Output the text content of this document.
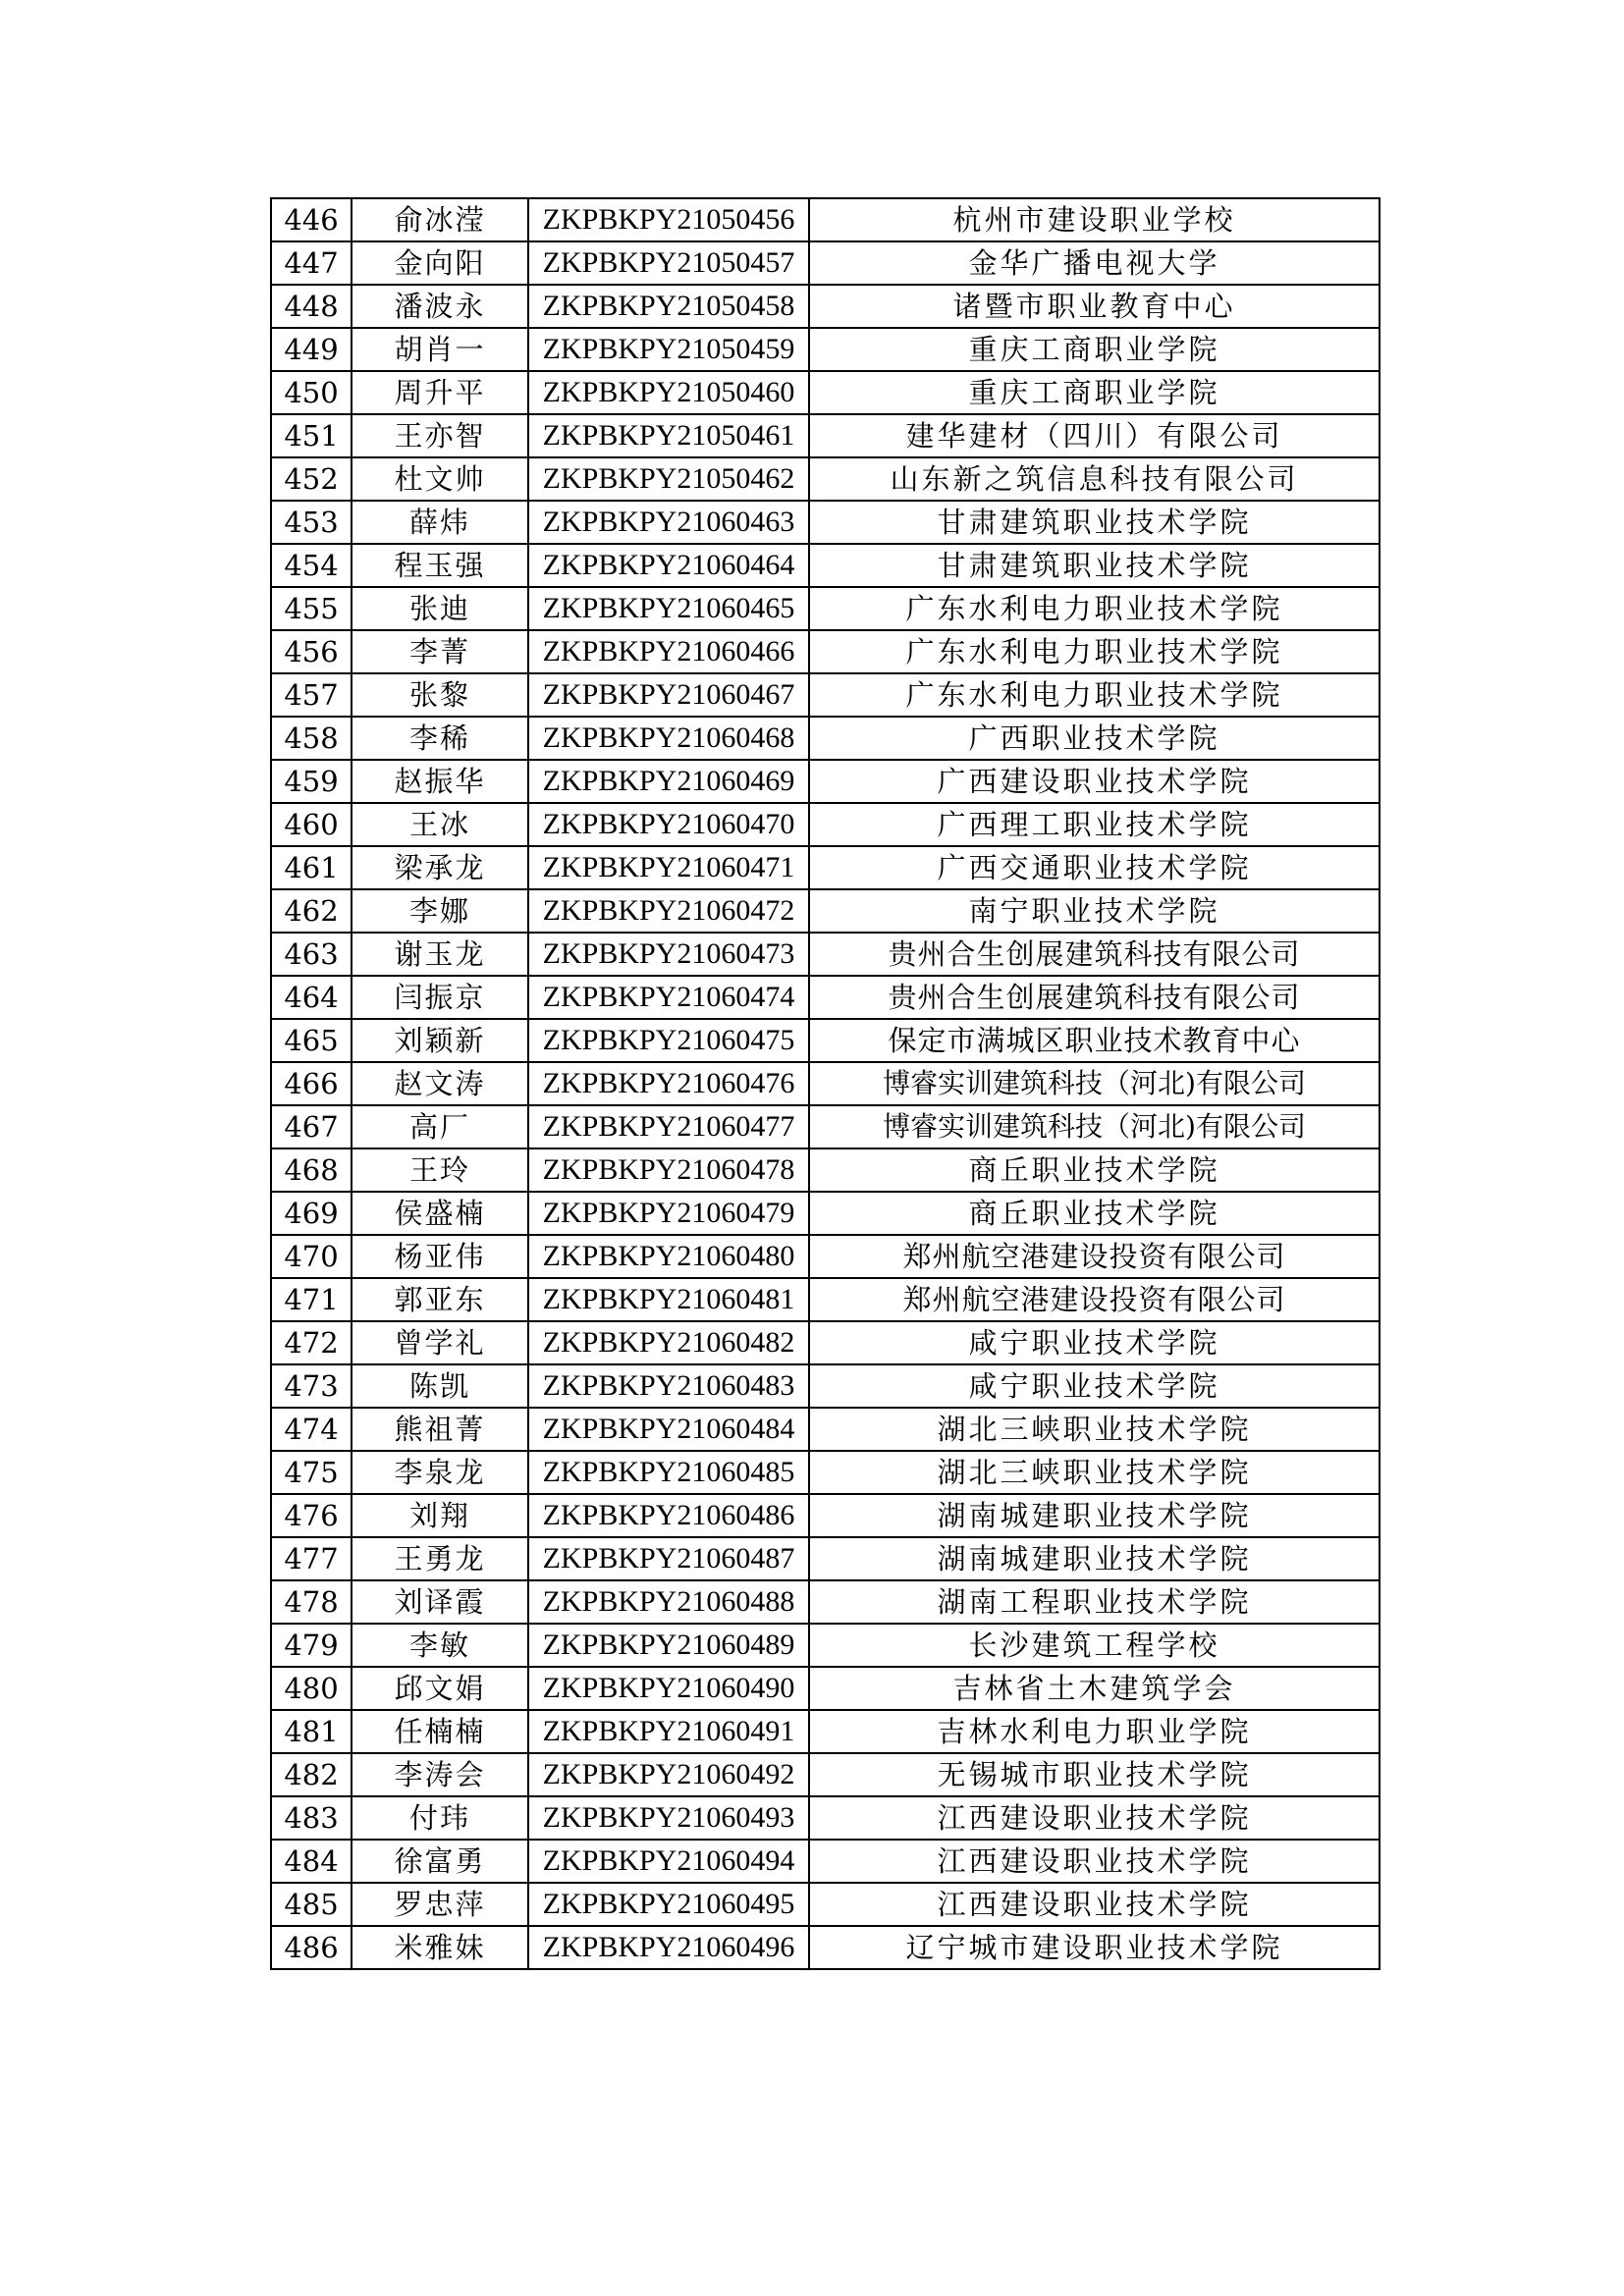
446	俞冰滢	ZKPBKPY21050456	杭州市建设职业学校
447	金向阳	ZKPBKPY21050457	金华广播电视大学
448	潘波永	ZKPBKPY21050458	诸暨市职业教育中心
449	胡肖一	ZKPBKPY21050459	重庆工商职业学院
450	周升平	ZKPBKPY21050460	重庆工商职业学院
451	王亦智	ZKPBKPY21050461	建华建材（四川）有限公司
452	杜文帅	ZKPBKPY21050462	山东新之筑信息科技有限公司
453	薛炜	ZKPBKPY21060463	甘肃建筑职业技术学院
454	程玉强	ZKPBKPY21060464	甘肃建筑职业技术学院
455	张迪	ZKPBKPY21060465	广东水利电力职业技术学院
456	李菁	ZKPBKPY21060466	广东水利电力职业技术学院
457	张黎	ZKPBKPY21060467	广东水利电力职业技术学院
458	李稀	ZKPBKPY21060468	广西职业技术学院
459	赵振华	ZKPBKPY21060469	广西建设职业技术学院
460	王冰	ZKPBKPY21060470	广西理工职业技术学院
461	梁承龙	ZKPBKPY21060471	广西交通职业技术学院
462	李娜	ZKPBKPY21060472	南宁职业技术学院
463	谢玉龙	ZKPBKPY21060473	贵州合生创展建筑科技有限公司
464	闫振京	ZKPBKPY21060474	贵州合生创展建筑科技有限公司
465	刘颖新	ZKPBKPY21060475	保定市满城区职业技术教育中心
466	赵文涛	ZKPBKPY21060476	博睿实训建筑科技（河北)有限公司
467	高厂	ZKPBKPY21060477	博睿实训建筑科技（河北)有限公司
468	王玲	ZKPBKPY21060478	商丘职业技术学院
469	侯盛楠	ZKPBKPY21060479	商丘职业技术学院
470	杨亚伟	ZKPBKPY21060480	郑州航空港建设投资有限公司
471	郭亚东	ZKPBKPY21060481	郑州航空港建设投资有限公司
472	曾学礼	ZKPBKPY21060482	咸宁职业技术学院
473	陈凯	ZKPBKPY21060483	咸宁职业技术学院
474	熊祖菁	ZKPBKPY21060484	湖北三峡职业技术学院
475	李泉龙	ZKPBKPY21060485	湖北三峡职业技术学院
476	刘翔	ZKPBKPY21060486	湖南城建职业技术学院
477	王勇龙	ZKPBKPY21060487	湖南城建职业技术学院
478	刘译霞	ZKPBKPY21060488	湖南工程职业技术学院
479	李敏	ZKPBKPY21060489	长沙建筑工程学校
480	邱文娟	ZKPBKPY21060490	吉林省土木建筑学会
481	任楠楠	ZKPBKPY21060491	吉林水利电力职业学院
482	李涛会	ZKPBKPY21060492	无锡城市职业技术学院
483	付玮	ZKPBKPY21060493	江西建设职业技术学院
484	徐富勇	ZKPBKPY21060494	江西建设职业技术学院
485	罗忠萍	ZKPBKPY21060495	江西建设职业技术学院
486	米雅妹	ZKPBKPY21060496	辽宁城市建设职业技术学院
